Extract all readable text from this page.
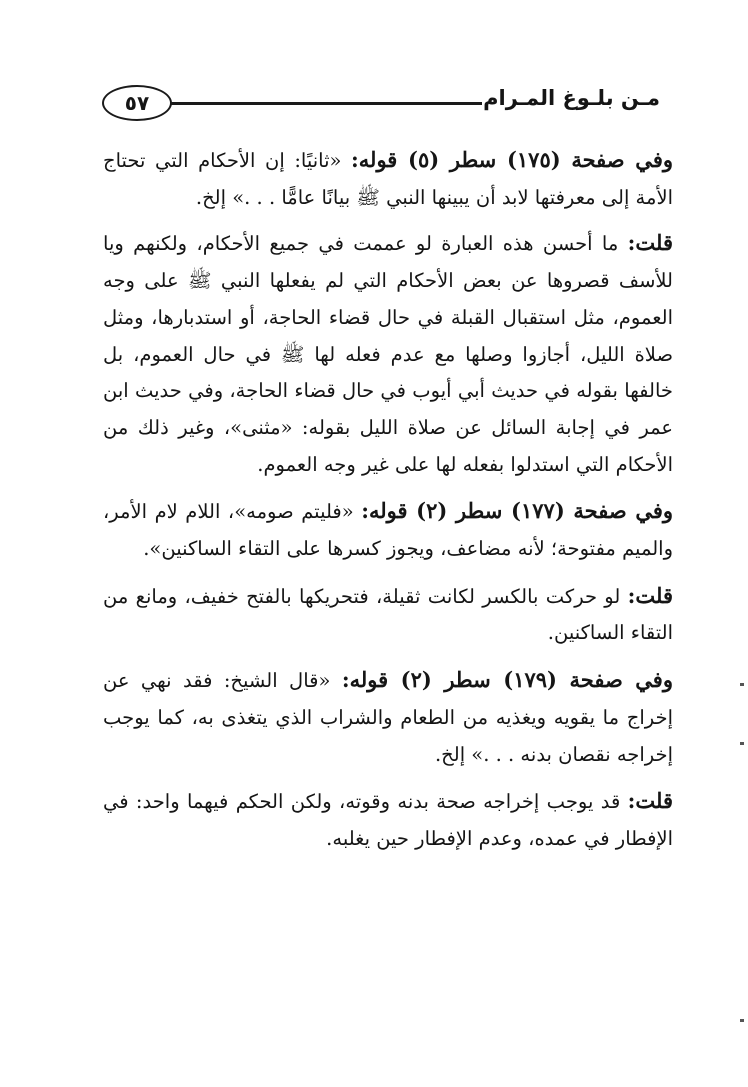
٥٧	مـن بلـوغ المـرام

وفي صفحة (١٧٥) سطر (٥) قوله: «ثانيًا: إن الأحكام التي تحتاج الأمة إلى معرفتها لابد أن يبينها النبي ﷺ بيانًا عامًّا . . .» إلخ.

قلت: ما أحسن هذه العبارة لو عممت في جميع الأحكام، ولكنهم ويا للأسف قصروها عن بعض الأحكام التي لم يفعلها النبي ﷺ على وجه العموم، مثل استقبال القبلة في حال قضاء الحاجة، أو استدبارها، ومثل صلاة الليل، أجازوا وصلها مع عدم فعله لها ﷺ في حال العموم، بل خالفها بقوله في حديث أبي أيوب في حال قضاء الحاجة، وفي حديث ابن عمر في إجابة السائل عن صلاة الليل بقوله: «مثنى»، وغير ذلك من الأحكام التي استدلوا بفعله لها على غير وجه العموم.

وفي صفحة (١٧٧) سطر (٢) قوله: «فليتم صومه»، اللام لام الأمر، والميم مفتوحة؛ لأنه مضاعف، ويجوز كسرها على التقاء الساكنين».

قلت: لو حركت بالكسر لكانت ثقيلة، فتحريكها بالفتح خفيف، ومانع من التقاء الساكنين.

وفي صفحة (١٧٩) سطر (٢) قوله: «قال الشيخ: فقد نهي عن إخراج ما يقويه ويغذيه من الطعام والشراب الذي يتغذى به، كما يوجب إخراجه نقصان بدنه . . .» إلخ.

قلت: قد يوجب إخراجه صحة بدنه وقوته، ولكن الحكم فيهما واحد: في الإفطار في عمده، وعدم الإفطار حين يغلبه.
